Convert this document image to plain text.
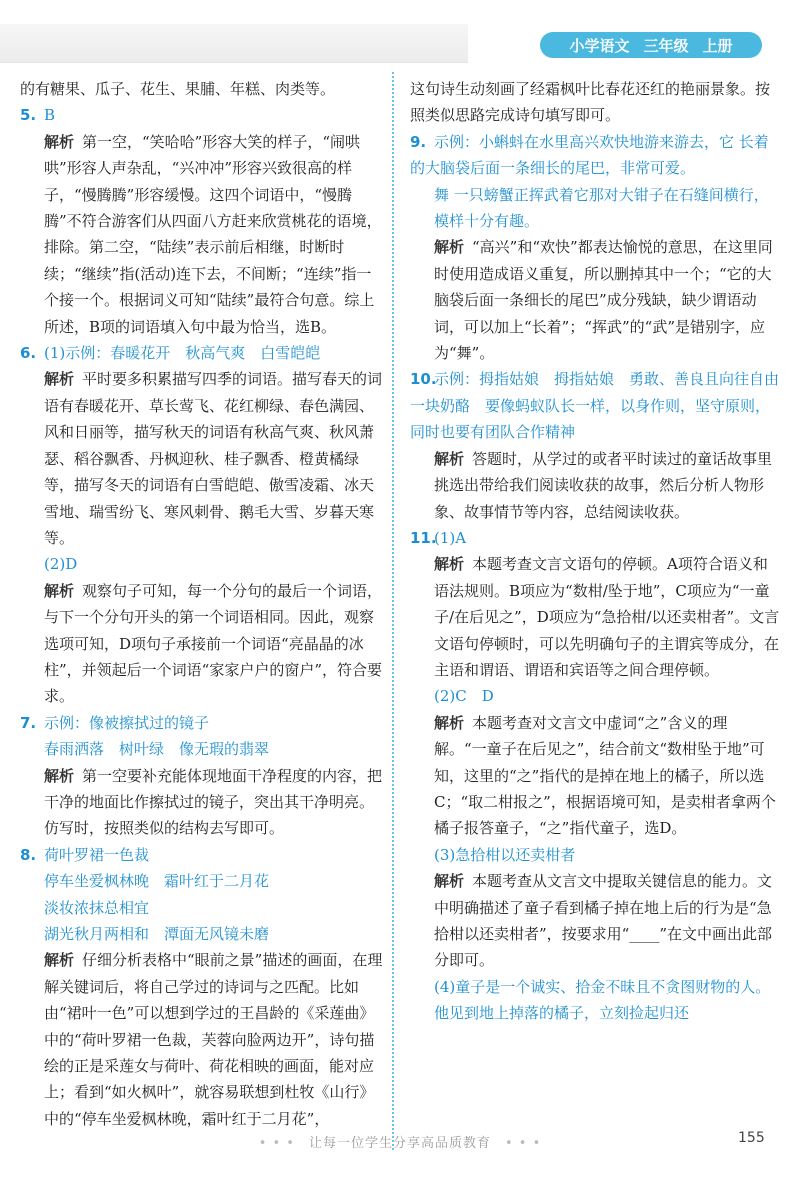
小学语文 三年级 上册

的有糖果、瓜子、花生、果脯、年糕、肉类等。

5. B

解析 第一空，“笑哈哈”形容大笑的样子，“闹哄哄”形容人声杂乱，“兴冲冲”形容兴致很高的样子，“慢腾腾”形容缓慢。这四个词语中，“慢腾腾”不符合游客们从四面八方赶来欣赏桃花的语境，排除。第二空，“陆续”表示前后相继，时断时续；“继续”指(活动)连下去，不间断；“连续”指一个接一个。根据词义可知“陆续”最符合句意。综上所述，B项的词语填入句中最为恰当，选B。

6. (1)示例：春暖花开　秋高气爽　白雪皑皑

解析 平时要多积累描写四季的词语。描写春天的词语有春暖花开、草长莺飞、花红柳绿、春色满园、风和日丽等，描写秋天的词语有秋高气爽、秋风萧瑟、稻谷飘香、丹枫迎秋、桂子飘香、橙黄橘绿等，描写冬天的词语有白雪皑皑、傲雪凌霜、冰天雪地、瑞雪纷飞、寒风刺骨、鹅毛大雪、岁暮天寒等。

(2)D

解析 观察句子可知，每一个分句的最后一个词语，与下一个分句开头的第一个词语相同。因此，观察选项可知，D项句子承接前一个词语“亮晶晶的冰柱”，并领起后一个词语“家家户户的窗户”，符合要求。

7. 示例：像被擦拭过的镜子

春雨洒落　树叶绿　像无瑕的翡翠

解析 第一空要补充能体现地面干净程度的内容，把干净的地面比作擦拭过的镜子，突出其干净明亮。仿写时，按照类似的结构去写即可。

8. 荷叶罗裙一色裁

停车坐爱枫林晚　霜叶红于二月花

淡妆浓抹总相宜

湖光秋月两相和　潭面无风镜未磨

解析 仔细分析表格中“眼前之景”描述的画面，在理解关键词后，将自己学过的诗词与之匹配。比如由“裙叶一色”可以想到学过的王昌龄的《采莲曲》中的“荷叶罗裙一色裁，芙蓉向脸两边开”，诗句描绘的正是采莲女与荷叶、荷花相映的画面，能对应上；看到“如火枫叶”，就容易联想到杜牧《山行》中的“停车坐爱枫林晚，霜叶红于二月花”，

这句诗生动刻画了经霜枫叶比春花还红的艳丽景象。按照类似思路完成诗句填写即可。

9. 示例：小蝌蚪在水里高兴欢快地游来游去，它 长着 的大脑袋后面一条细长的尾巴，非常可爱。

舞 一只螃蟹正挥武着它那对大钳子在石缝间横行，模样十分有趣。

解析 “高兴”和“欢快”都表达愉悦的意思，在这里同时使用造成语义重复，所以删掉其中一个；“它的大脑袋后面一条细长的尾巴”成分残缺，缺少谓语动词，可以加上“长着”；“挥武”的“武”是错别字，应为“舞”。

10.示例：拇指姑娘　拇指姑娘　勇敢、善良且向往自由　一块奶酪　要像蚂蚁队长一样，以身作则，坚守原则，同时也要有团队合作精神

解析 答题时，从学过的或者平时读过的童话故事里挑选出带给我们阅读收获的故事，然后分析人物形象、故事情节等内容，总结阅读收获。

11.(1)A

解析 本题考查文言文语句的停顿。A项符合语义和语法规则。B项应为“数柑/坠于地”，C项应为“一童子/在后见之”，D项应为“急拾柑/以还卖柑者”。文言文语句停顿时，可以先明确句子的主谓宾等成分，在主语和谓语、谓语和宾语等之间合理停顿。

(2)C　D

解析 本题考查对文言文中虚词“之”含义的理解。“一童子在后见之”，结合前文“数柑坠于地”可知，这里的“之”指代的是掉在地上的橘子，所以选C；“取二柑报之”，根据语境可知，是卖柑者拿两个橘子报答童子，“之”指代童子，选D。

(3)急拾柑以还卖柑者

解析 本题考查从文言文中提取关键信息的能力。文中明确描述了童子看到橘子掉在地上后的行为是“急拾柑以还卖柑者”，按要求用“____”在文中画出此部分即可。

(4)童子是一个诚实、拾金不昧且不贪图财物的人。他见到地上掉落的橘子，立刻捡起归还

• • • 让每一位学生分享高品质教育 • • •	155
